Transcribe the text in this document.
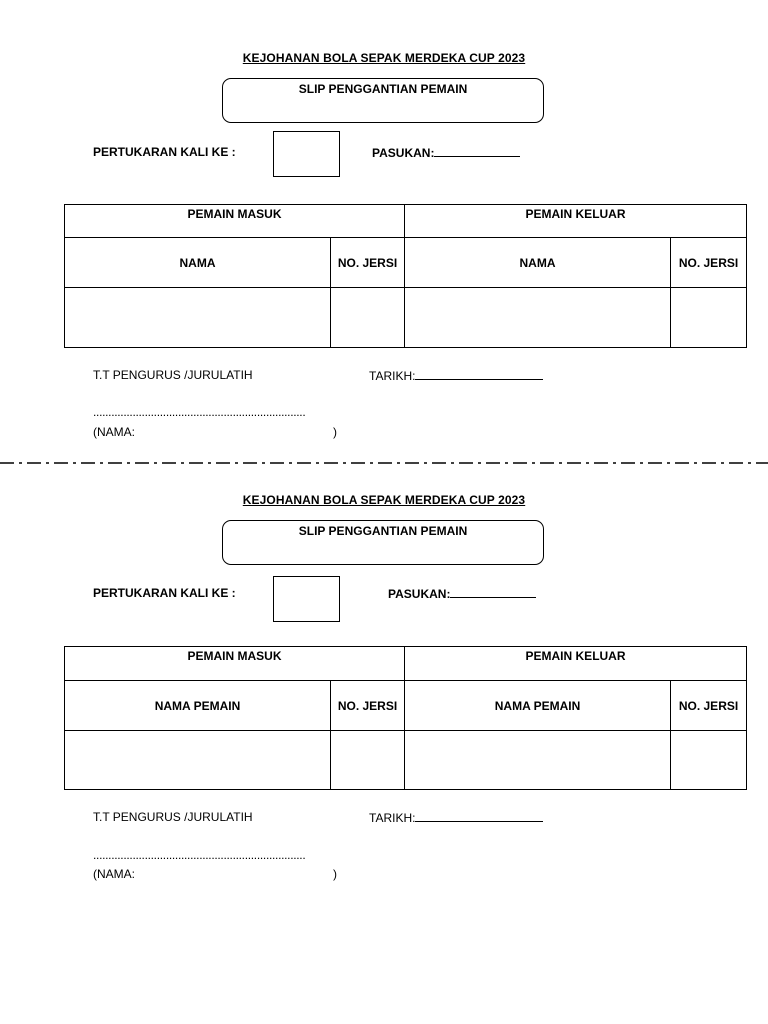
KEJOHANAN BOLA SEPAK MERDEKA CUP 2023
SLIP PENGGANTIAN PEMAIN
PERTUKARAN KALI KE :	PASUKAN:
PEMAIN MASUK		PEMAIN KELUAR	
NAMA	NO. JERSI	NAMA	NO. JERSI

T.T PENGURUS /JURULATIH	TARIKH:
......................................................................
(NAMA:	)
KEJOHANAN BOLA SEPAK MERDEKA CUP 2023
SLIP PENGGANTIAN PEMAIN
PERTUKARAN KALI KE :	PASUKAN:
PEMAIN MASUK		PEMAIN KELUAR	
NAMA PEMAIN	NO. JERSI	NAMA PEMAIN	NO. JERSI

T.T PENGURUS /JURULATIH	TARIKH:
......................................................................
(NAMA:	)
